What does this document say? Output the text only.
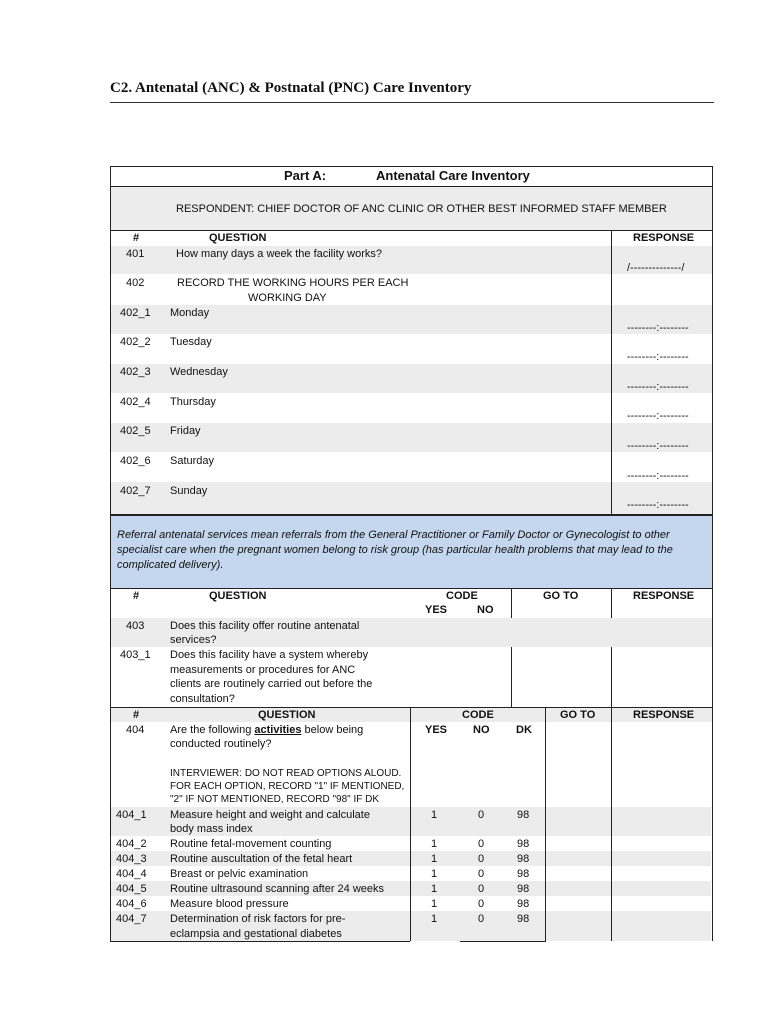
C2. Antenatal (ANC) & Postnatal (PNC) Care Inventory
Part A:	Antenatal Care Inventory
RESPONDENT: CHIEF DOCTOR OF ANC CLINIC OR OTHER BEST INFORMED STAFF MEMBER
#	QUESTION	RESPONSE
401	How many days a week the facility works?
/--------------/
402	RECORD THE WORKING HOURS PER EACH
WORKING DAY
402_1 Monday
--------:--------
402_2 Tuesday
--------:--------
402_3 Wednesday
--------:--------
402_4 Thursday
--------:--------
402_5 Friday
--------:--------
402_6 Saturday
--------:--------
402_7 Sunday
--------:--------
Referral antenatal services mean referrals from the General Practitioner or Family Doctor or Gynecologist to other specialist care when the pregnant women belong to risk group (has particular health problems that may lead to the complicated delivery).
#	QUESTION	CODE	GO TO	RESPONSE
YES	NO
403 Does this facility offer routine antenatal
services?
403_1 Does this facility have a system whereby
measurements or procedures for ANC
clients are routinely carried out before the
consultation?
#	QUESTION	CODE	GO TO	RESPONSE
404 Are the following activities below being
conducted routinely?
YES NO DK
INTERVIEWER: DO NOT READ OPTIONS ALOUD.
FOR EACH OPTION, RECORD "1" IF MENTIONED,
"2" IF NOT MENTIONED, RECORD "98" IF DK
404_1 Measure height and weight and calculate
body mass index
1	0	98
404_2 Routine fetal-movement counting	1	0	98
404_3 Routine auscultation of the fetal heart	1	0	98
404_4 Breast or pelvic examination	1	0	98
404_5 Routine ultrasound scanning after 24 weeks	1	0	98
404_6 Measure blood pressure	1	0	98
404_7 Determination of risk factors for pre-
eclampsia and gestational diabetes
1	0	98
